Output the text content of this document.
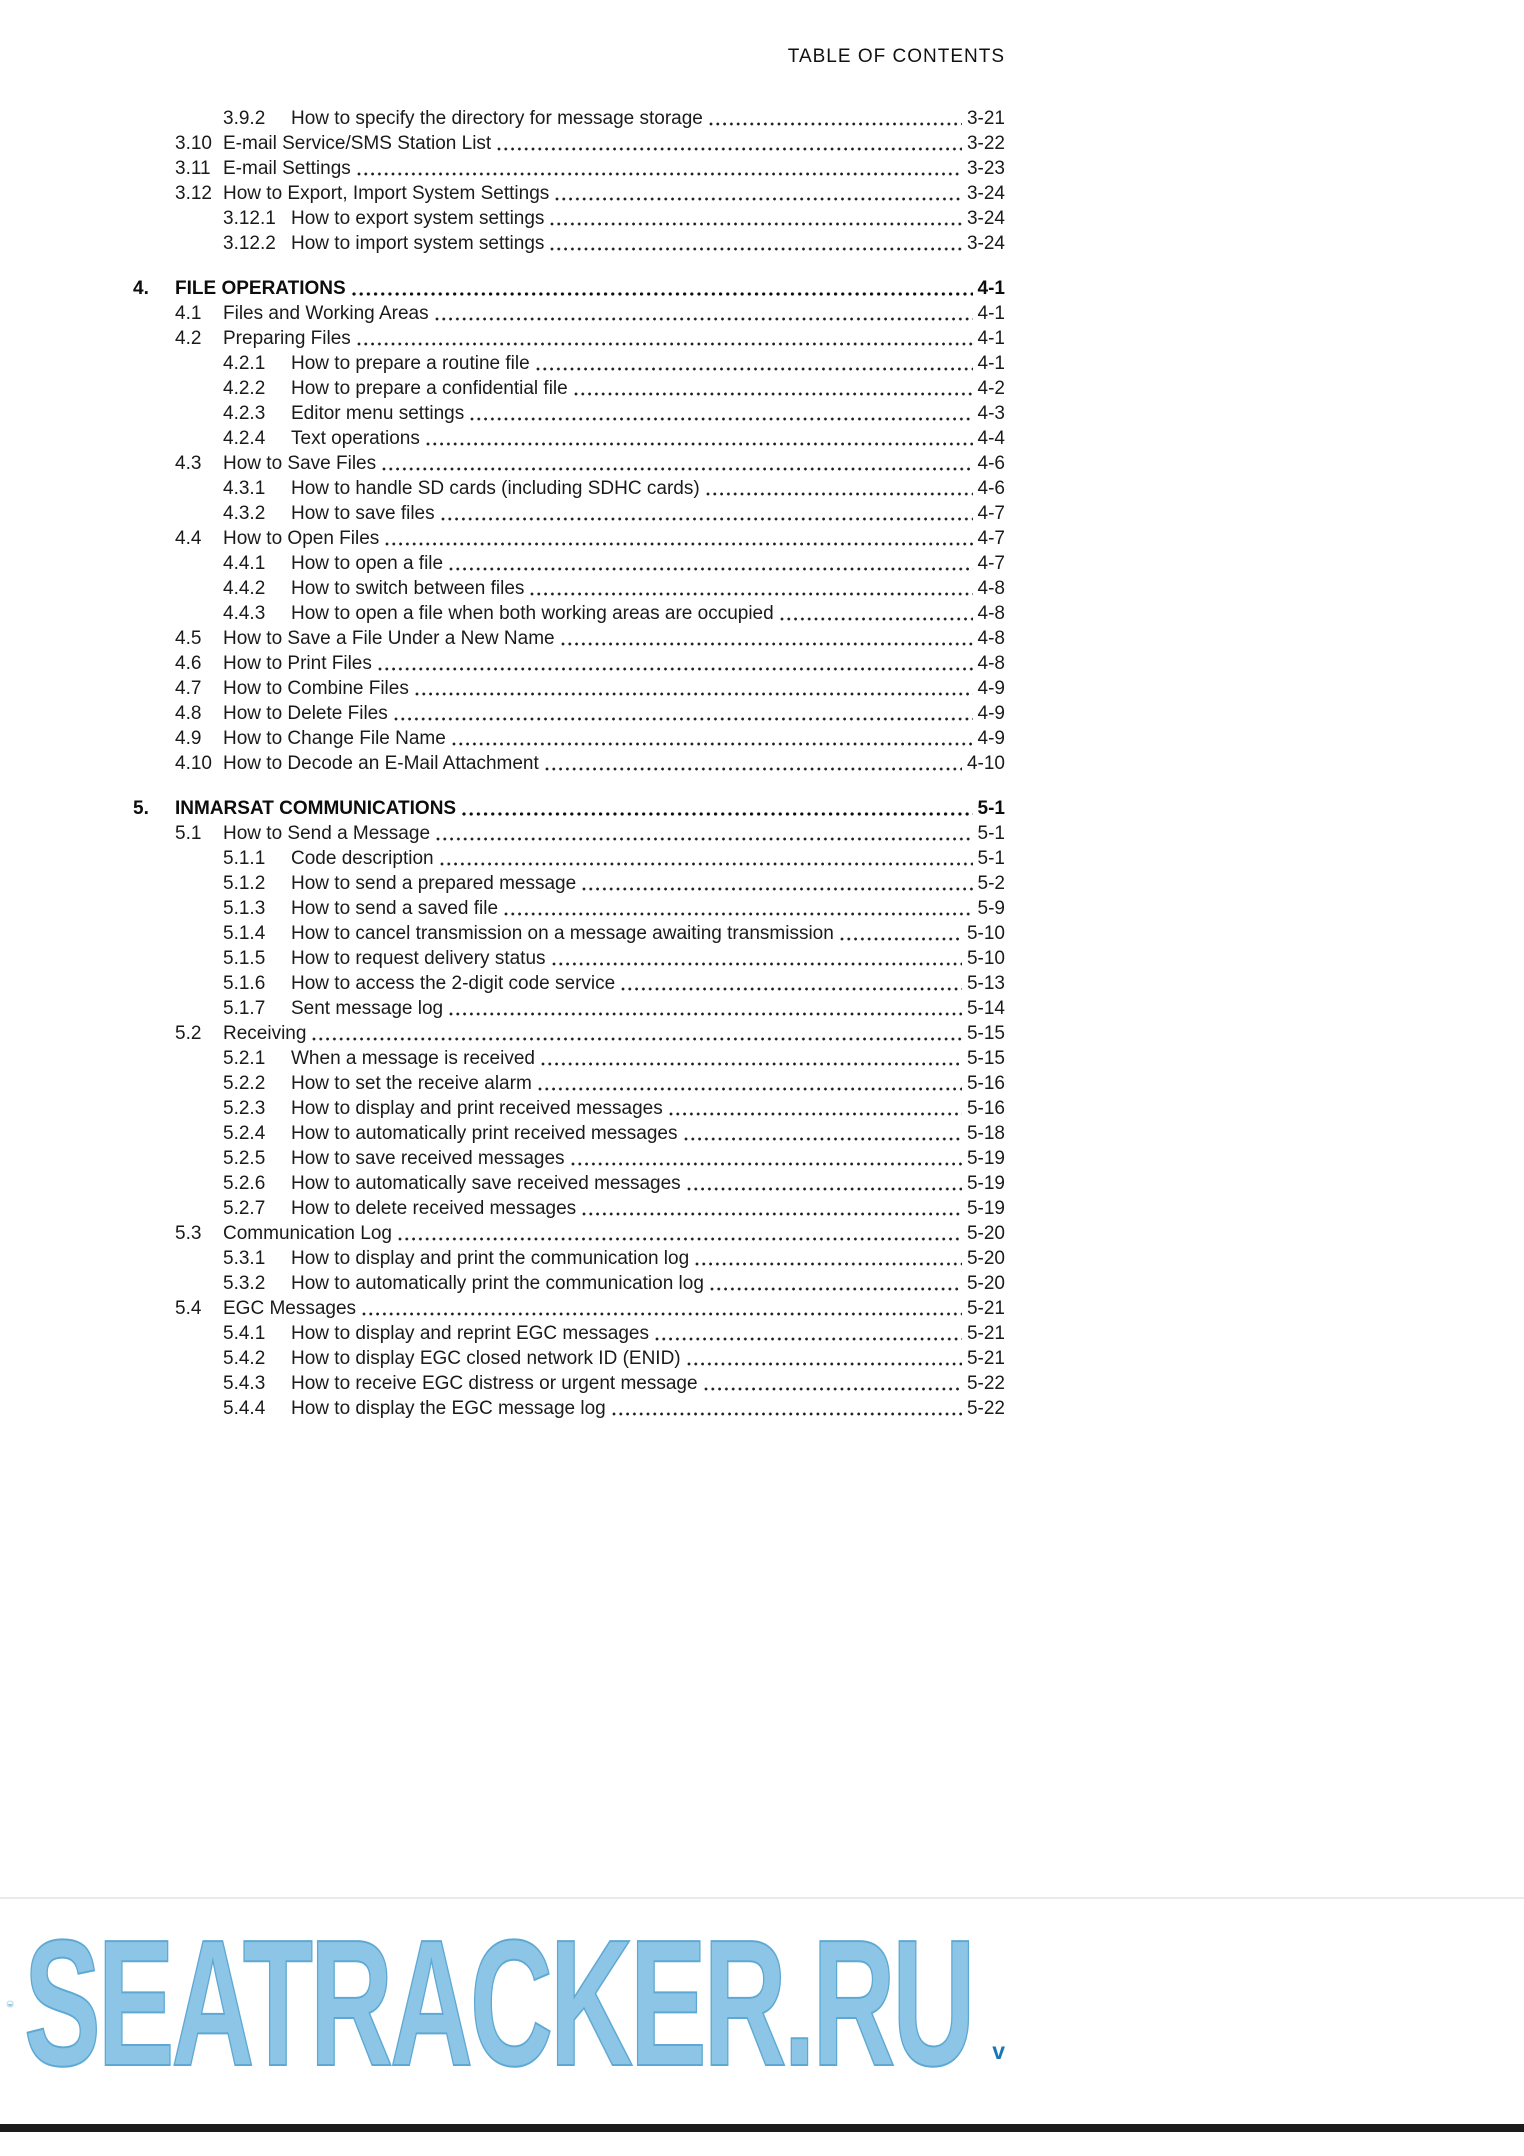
TABLE OF CONTENTS
3.9.2	How to specify the directory for message storage	3-21
3.10 E-mail Service/SMS Station List	3-22
3.11 E-mail Settings	3-23
3.12 How to Export, Import System Settings	3-24
3.12.1 How to export system settings	3-24
3.12.2 How to import system settings	3-24
4.	FILE OPERATIONS	4-1
4.1	Files and Working Areas	4-1
4.2	Preparing Files	4-1
4.2.1	How to prepare a routine file	4-1
4.2.2	How to prepare a confidential file	4-2
4.2.3	Editor menu settings	4-3
4.2.4	Text operations	4-4
4.3	How to Save Files	4-6
4.3.1	How to handle SD cards (including SDHC cards)	4-6
4.3.2	How to save files	4-7
4.4	How to Open Files	4-7
4.4.1	How to open a file	4-7
4.4.2	How to switch between files	4-8
4.4.3	How to open a file when both working areas are occupied	4-8
4.5	How to Save a File Under a New Name	4-8
4.6	How to Print Files	4-8
4.7	How to Combine Files	4-9
4.8	How to Delete Files	4-9
4.9	How to Change File Name	4-9
4.10 How to Decode an E-Mail Attachment	4-10
5.	INMARSAT COMMUNICATIONS	5-1
5.1	How to Send a Message	5-1
5.1.1	Code description	5-1
5.1.2	How to send a prepared message	5-2
5.1.3	How to send a saved file	5-9
5.1.4	How to cancel transmission on a message awaiting transmission	5-10
5.1.5	How to request delivery status	5-10
5.1.6	How to access the 2-digit code service	5-13
5.1.7	Sent message log	5-14
5.2	Receiving	5-15
5.2.1	When a message is received	5-15
5.2.2	How to set the receive alarm	5-16
5.2.3	How to display and print received messages	5-16
5.2.4	How to automatically print received messages	5-18
5.2.5	How to save received messages	5-19
5.2.6	How to automatically save received messages	5-19
5.2.7	How to delete received messages	5-19
5.3	Communication Log	5-20
5.3.1	How to display and print the communication log	5-20
5.3.2	How to automatically print the communication log	5-20
5.4	EGC Messages	5-21
5.4.1	How to display and reprint EGC messages	5-21
5.4.2	How to display EGC closed network ID (ENID)	5-21
5.4.3	How to receive EGC distress or urgent message	5-22
5.4.4	How to display the EGC message log	5-22
SEATRACKER.RU v
